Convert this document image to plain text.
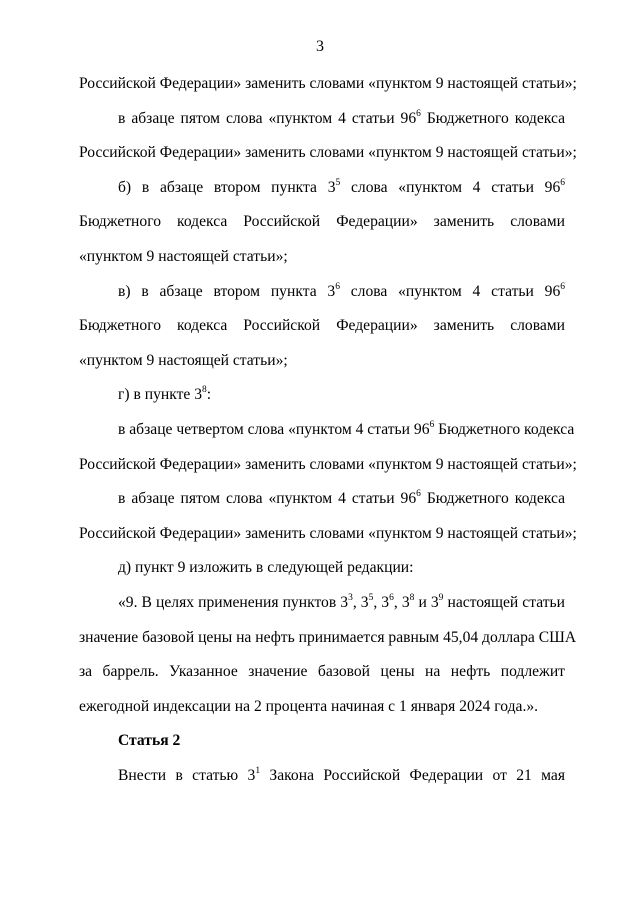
3
Российской Федерации» заменить словами «пунктом 9 настоящей статьи»;
в абзаце пятом слова «пунктом 4 статьи $96^6$ Бюджетного кодекса
Российской Федерации» заменить словами «пунктом 9 настоящей статьи»;
б) в абзаце втором пункта $3^5$ слова «пунктом 4 статьи $96^6$
Бюджетного кодекса Российской Федерации» заменить словами
«пунктом 9 настоящей статьи»;
в) в абзаце втором пункта $3^6$ слова «пунктом 4 статьи $96^6$
Бюджетного кодекса Российской Федерации» заменить словами
«пунктом 9 настоящей статьи»;
г) в пункте $3^8$:
в абзаце четвертом слова «пунктом 4 статьи $96^6$ Бюджетного кодекса
Российской Федерации» заменить словами «пунктом 9 настоящей статьи»;
в абзаце пятом слова «пунктом 4 статьи $96^6$ Бюджетного кодекса
Российской Федерации» заменить словами «пунктом 9 настоящей статьи»;
д) пункт 9 изложить в следующей редакции:
«9. В целях применения пунктов $3^3$, $3^5$, $3^6$, $3^8$ и $3^9$ настоящей статьи
значение базовой цены на нефть принимается равным 45,04 доллара США
за баррель. Указанное значение базовой цены на нефть подлежит
ежегодной индексации на 2 процента начиная с 1 января 2024 года.».
Статья 2
Внести в статью $3^1$ Закона Российской Федерации от 21 мая
